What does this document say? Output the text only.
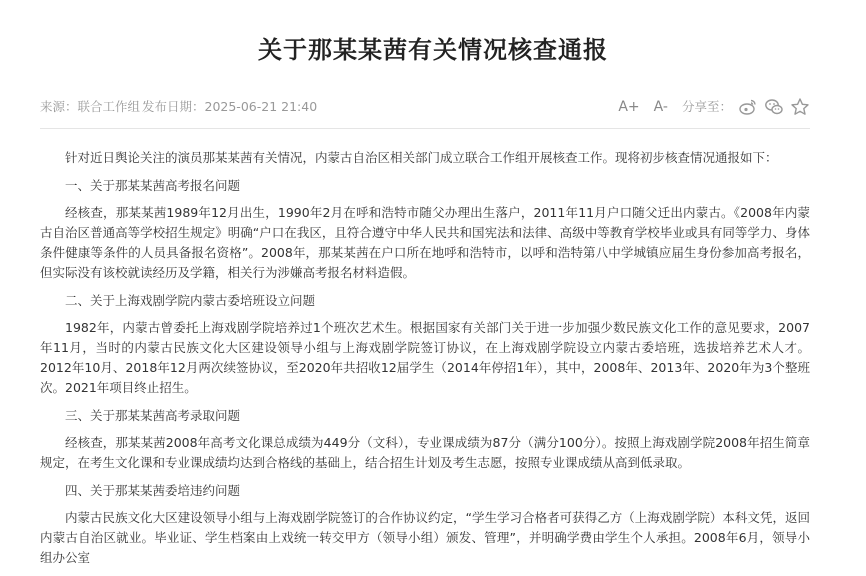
关于那某某茜有关情况核查通报
来源：联合工作组 发布日期：2025-06-21 21:40	A+ A- 分享至：

针对近日舆论关注的演员那某某茜有关情况，内蒙古自治区相关部门成立联合工作组开展核查工作。现将初步核查情况通报如下：

一、关于那某某茜高考报名问题

经核查，那某某茜1989年12月出生，1990年2月在呼和浩特市随父办理出生落户，2011年11月户口随父迁出内蒙古。《2008年内蒙古自治区普通高等学校招生规定》明确“户口在我区，且符合遵守中华人民共和国宪法和法律、高级中等教育学校毕业或具有同等学力、身体条件健康等条件的人员具备报名资格”。2008年，那某某茜在户口所在地呼和浩特市，以呼和浩特第八中学城镇应届生身份参加高考报名，但实际没有该校就读经历及学籍，相关行为涉嫌高考报名材料造假。

二、关于上海戏剧学院内蒙古委培班设立问题

1982年，内蒙古曾委托上海戏剧学院培养过1个班次艺术生。根据国家有关部门关于进一步加强少数民族文化工作的意见要求，2007年11月，当时的内蒙古民族文化大区建设领导小组与上海戏剧学院签订协议，在上海戏剧学院设立内蒙古委培班，选拔培养艺术人才。2012年10月、2018年12月两次续签协议，至2020年共招收12届学生（2014年停招1年），其中，2008年、2013年、2020年为3个整班次。2021年项目终止招生。

三、关于那某某茜高考录取问题

经核查，那某某茜2008年高考文化课总成绩为449分（文科），专业课成绩为87分（满分100分）。按照上海戏剧学院2008年招生简章规定，在考生文化课和专业课成绩均达到合格线的基础上，结合招生计划及考生志愿，按照专业课成绩从高到低录取。

四、关于那某某茜委培违约问题

内蒙古民族文化大区建设领导小组与上海戏剧学院签订的合作协议约定，“学生学习合格者可获得乙方（上海戏剧学院）本科文凭，返回内蒙古自治区就业。毕业证、学生档案由上戏统一转交甲方（领导小组）颁发、管理”，并明确学费由学生个人承担。2008年6月，领导小组办公室
